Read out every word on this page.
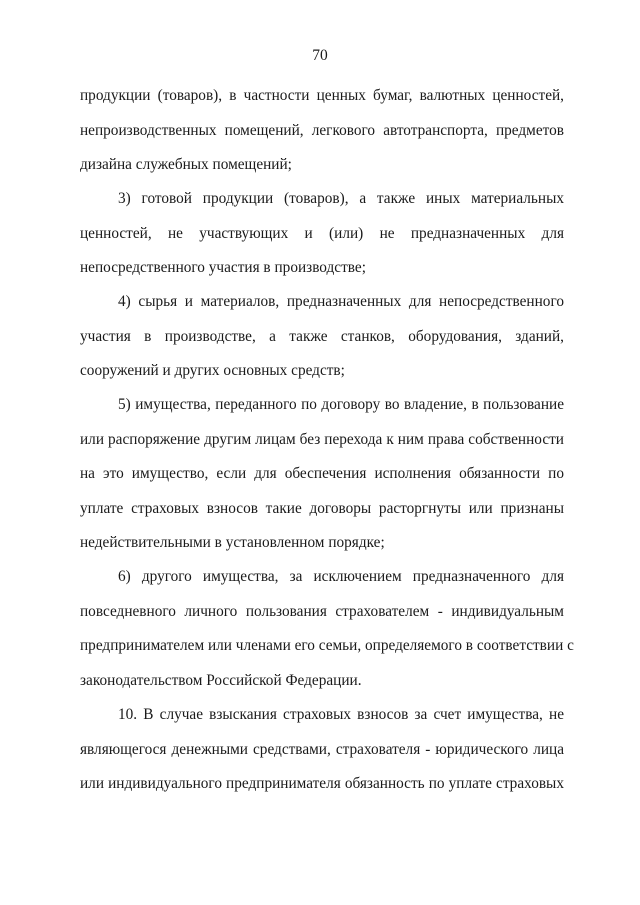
70
продукции (товаров), в частности ценных бумаг, валютных ценностей,
непроизводственных помещений, легкового автотранспорта, предметов
дизайна служебных помещений;
3) готовой продукции (товаров), а также иных материальных
ценностей, не участвующих и (или) не предназначенных для
непосредственного участия в производстве;
4) сырья и материалов, предназначенных для непосредственного
участия в производстве, а также станков, оборудования, зданий,
сооружений и других основных средств;
5) имущества, переданного по договору во владение, в пользование
или распоряжение другим лицам без перехода к ним права собственности
на это имущество, если для обеспечения исполнения обязанности по
уплате страховых взносов такие договоры расторгнуты или признаны
недействительными в установленном порядке;
6) другого имущества, за исключением предназначенного для
повседневного личного пользования страхователем - индивидуальным
предпринимателем или членами его семьи, определяемого в соответствии с
законодательством Российской Федерации.
10. В случае взыскания страховых взносов за счет имущества, не
являющегося денежными средствами, страхователя - юридического лица
или индивидуального предпринимателя обязанность по уплате страховых
